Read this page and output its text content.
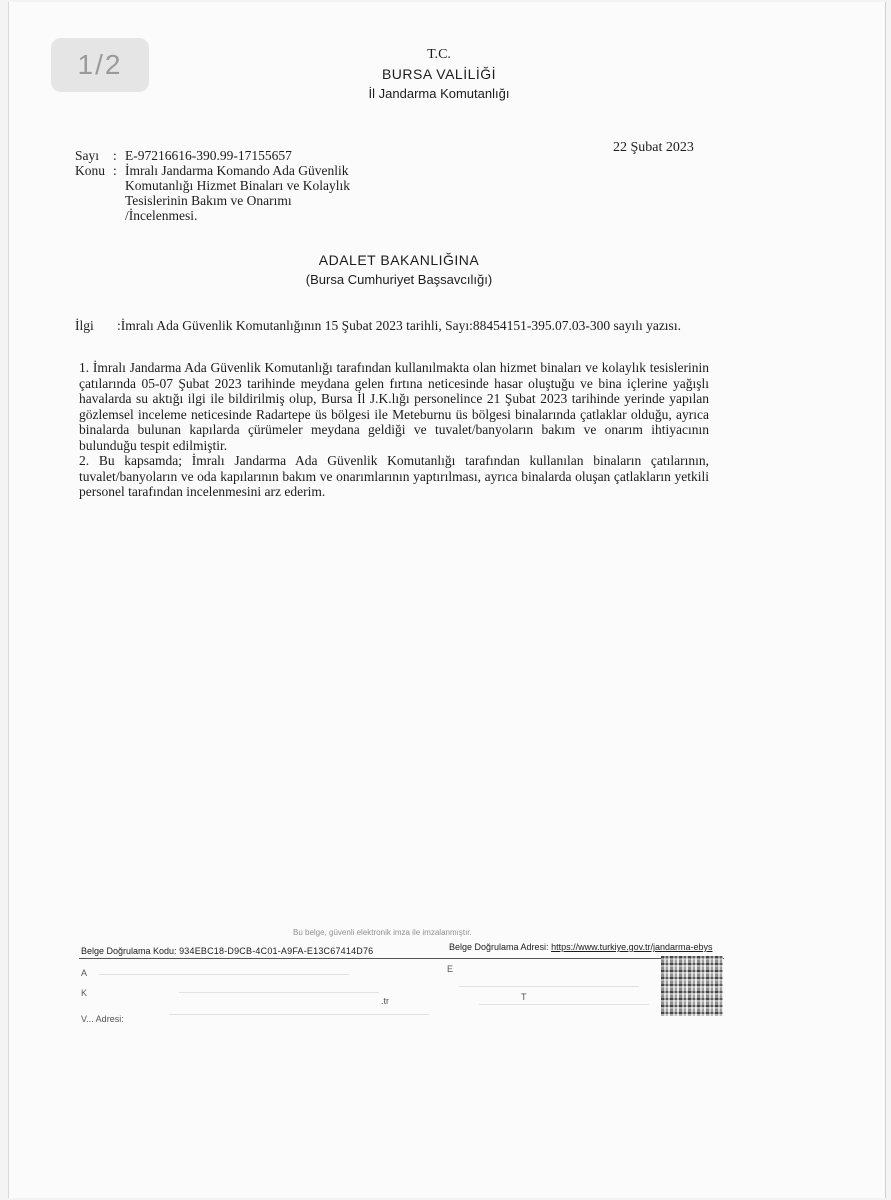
1/2	T.C.
BURSA VALİLİĞİ
İl Jandarma Komutanlığı
22 Şubat 2023
Sayı	: E-97216616-390.99-17155657
Konu : İmralı Jandarma Komando Ada Güvenlik
Komutanlığı Hizmet Binaları ve Kolaylık
Tesislerinin Bakım ve Onarımı
/İncelenmesi.
ADALET BAKANLIĞINA
(Bursa Cumhuriyet Başsavcılığı)
İlgi	:İmralı Ada Güvenlik Komutanlığının 15 Şubat 2023 tarihli, Sayı:88454151-395.07.03-300 sayılı yazısı.

1. İmralı Jandarma Ada Güvenlik Komutanlığı tarafından kullanılmakta olan hizmet binaları ve kolaylık tesislerinin çatılarında 05-07 Şubat 2023 tarihinde meydana gelen fırtına neticesinde hasar oluştuğu ve bina içlerine yağışlı havalarda su aktığı ilgi ile bildirilmiş olup, Bursa İl J.K.lığı personelince 21 Şubat 2023 tarihinde yerinde yapılan gözlemsel inceleme neticesinde Radartepe üs bölgesi ile Meteburnu üs bölgesi binalarında çatlaklar olduğu, ayrıca binalarda bulunan kapılarda çürümeler meydana geldiği ve tuvalet/banyoların bakım ve onarım ihtiyacının bulunduğu tespit edilmiştir.

2. Bu kapsamda; İmralı Jandarma Ada Güvenlik Komutanlığı tarafından kullanılan binaların çatılarının, tuvalet/banyoların ve oda kapılarının bakım ve onarımlarının yaptırılması, ayrıca binalarda oluşan çatlakların yetkili personel tarafından incelenmesini arz ederim.

Bu belge, güvenli elektronik imza ile imzalanmıştır.
Belge Doğrulama Kodu: 934EBC18-D9CB-4C01-A9FA-E13C67414D76	Belge Doğrulama Adresi: https://www.turkiye.gov.tr/jandarma-ebys
A	E
K
.tr	T
V... Adresi:
